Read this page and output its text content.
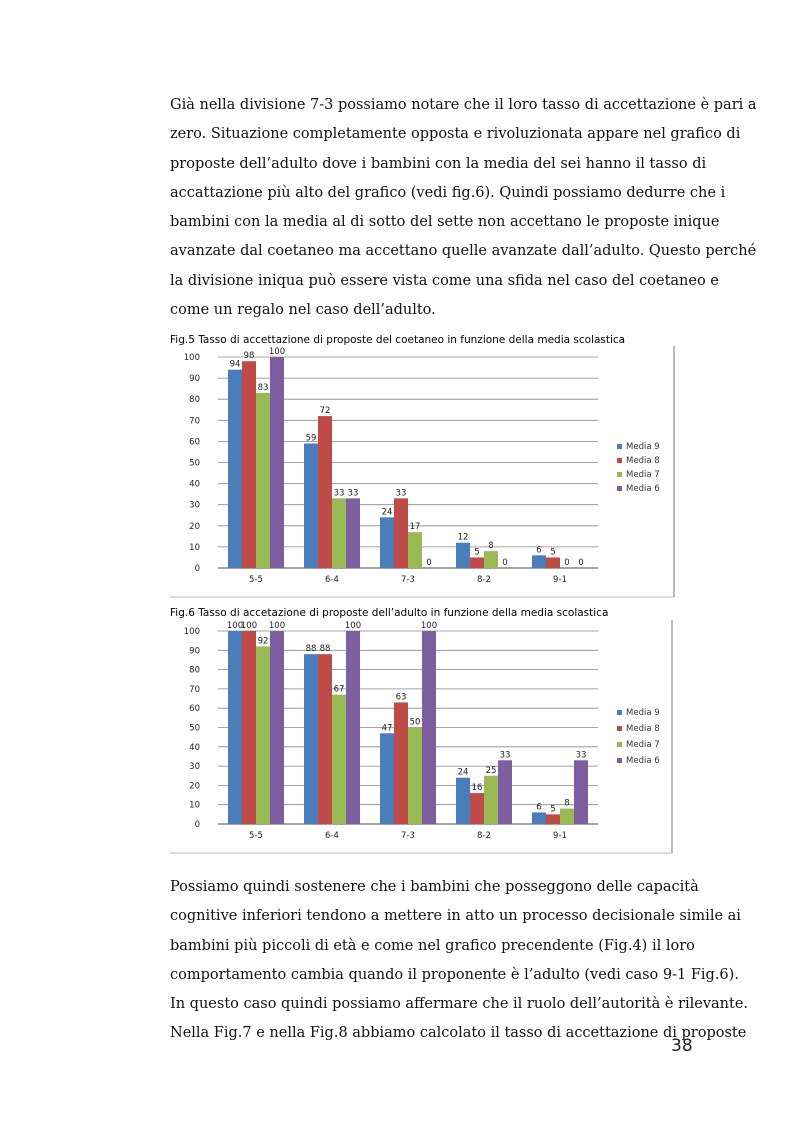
Già nella divisione 7-3 possiamo notare che il loro tasso di accettazione è pari a
zero. Situazione completamente opposta e rivoluzionata appare nel grafico di
proposte dell’adulto dove i bambini con la media del sei hanno il tasso di
accattazione più alto del grafico (vedi fig.6). Quindi possiamo dedurre che i
bambini con la media al di sotto del sette non accettano le proposte inique
avanzate dal coetaneo ma accettano quelle avanzate dall’adulto. Questo perché
la divisione iniqua può essere vista come una sfida nel caso del coetaneo e
come un regalo nel caso dell’adulto.
Fig.5 Tasso di accettazione di proposte del coetaneo in funzione della media scolastica
0
10
20
30
40
50
60
70
80
90
100
94
98
83
100
5-5
59
72
33 33
6-4
24
33
17
0
7-3
12
5
8
0
8-2
6 5
0 0
9-1
Media 9
Media 8
Media 7
Media 6
Fig.6 Tasso di accetazione di proposte dell’adulto in funzione della media scolastica
0
10
20
30
40
50
60
70
80
90
100
100
100
92
100
5-5
88 88
67
100
6-4
47
63
50
100
7-3
24
16
25
33
8-2
6 5
8
33
9-1
Media 9
Media 8
Media 7
Media 6
Possiamo quindi sostenere che i bambini che posseggono delle capacità
cognitive inferiori tendono a mettere in atto un processo decisionale simile ai
bambini più piccoli di età e come nel grafico precendente (Fig.4) il loro
comportamento cambia quando il proponente è l’adulto (vedi caso 9-1 Fig.6).
In questo caso quindi possiamo affermare che il ruolo dell’autorità è rilevante.
Nella Fig.7 e nella Fig.8 abbiamo calcolato il tasso di accettazione di proposte
38
